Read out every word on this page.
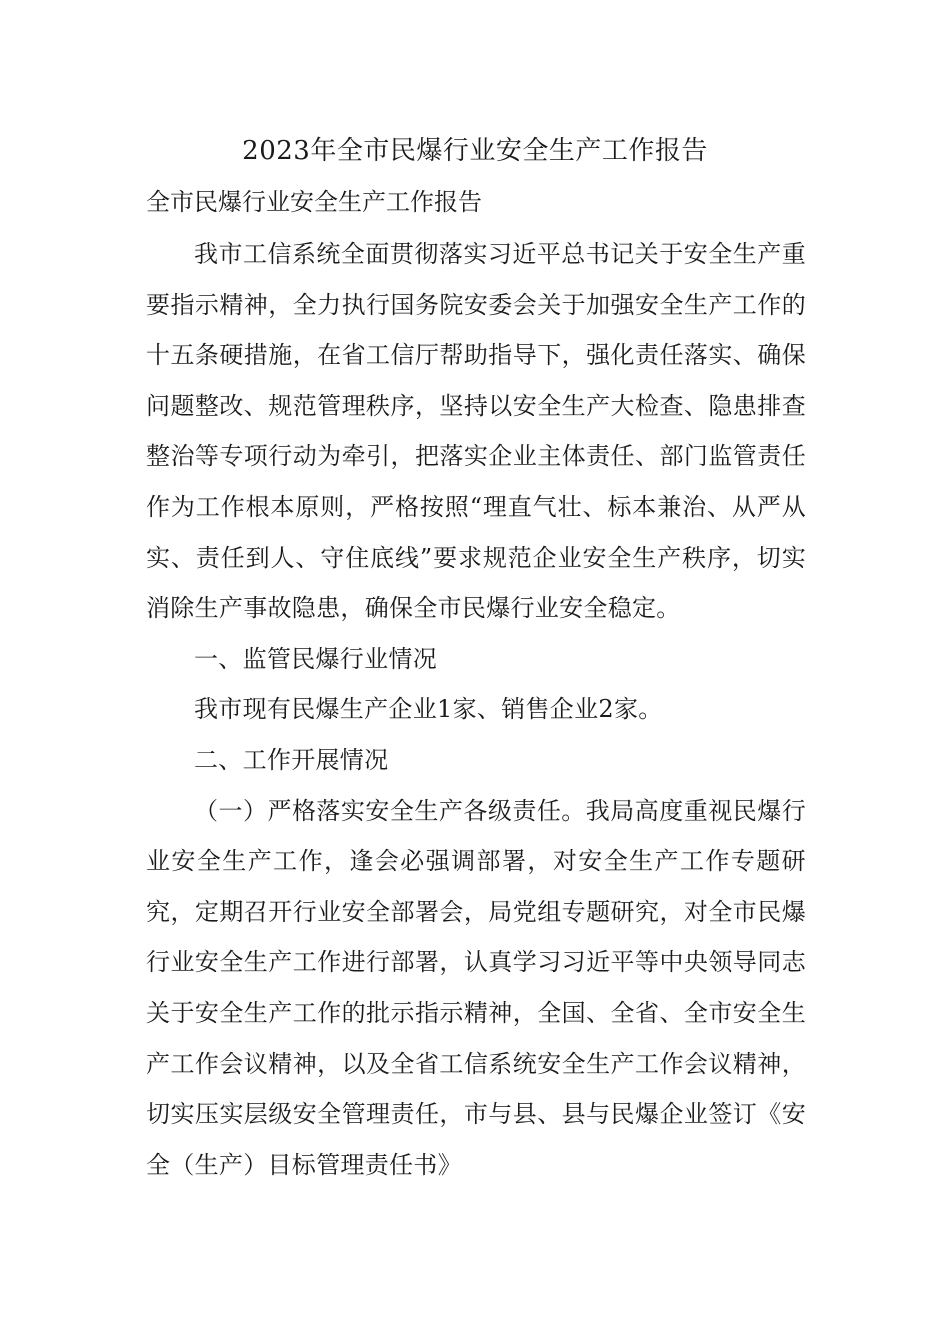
2023年全市民爆行业安全生产工作报告

全市民爆行业安全生产工作报告

我市工信系统全面贯彻落实习近平总书记关于安全生产重要指示精神，全力执行国务院安委会关于加强安全生产工作的十五条硬措施，在省工信厅帮助指导下，强化责任落实、确保问题整改、规范管理秩序，坚持以安全生产大检查、隐患排查整治等专项行动为牵引，把落实企业主体责任、部门监管责任作为工作根本原则，严格按照“理直气壮、标本兼治、从严从实、责任到人、守住底线”要求规范企业安全生产秩序，切实消除生产事故隐患，确保全市民爆行业安全稳定。

一、监管民爆行业情况

我市现有民爆生产企业1家、销售企业2家。

二、工作开展情况

（一）严格落实安全生产各级责任。我局高度重视民爆行业安全生产工作，逢会必强调部署，对安全生产工作专题研究，定期召开行业安全部署会，局党组专题研究，对全市民爆行业安全生产工作进行部署，认真学习习近平等中央领导同志关于安全生产工作的批示指示精神，全国、全省、全市安全生产工作会议精神，以及全省工信系统安全生产工作会议精神，切实压实层级安全管理责任，市与县、县与民爆企业签订《安全（生产）目标管理责任书》
